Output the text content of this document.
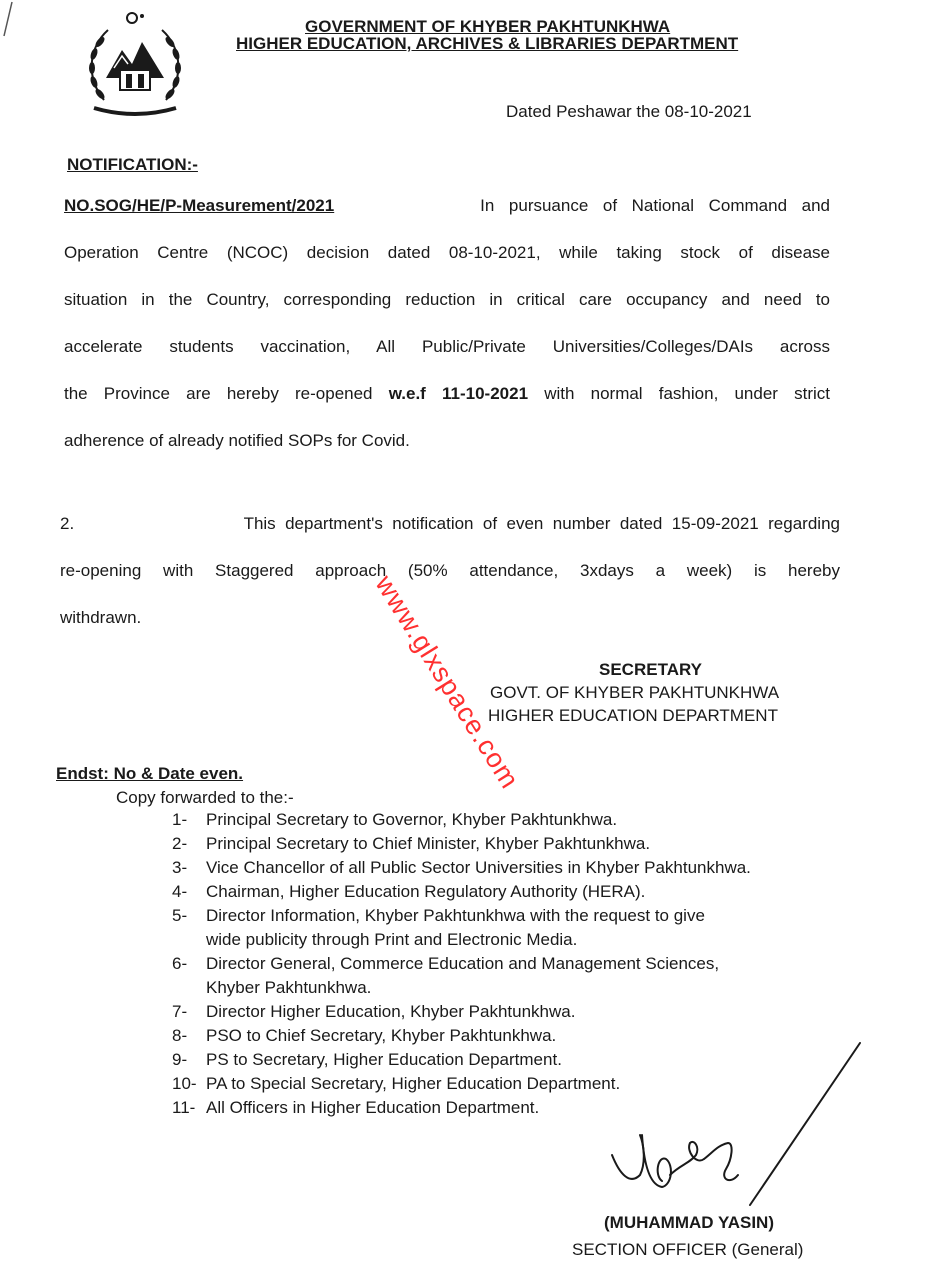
GOVERNMENT OF KHYBER PAKHTUNKHWA
HIGHER EDUCATION, ARCHIVES & LIBRARIES DEPARTMENT
Dated Peshawar the 08-10-2021
NOTIFICATION:-
NO.SOG/HE/P-Measurement/2021	In pursuance of National Command and
Operation Centre (NCOC) decision dated 08-10-2021, while taking stock of disease
situation in the Country, corresponding reduction in critical care occupancy and need to
accelerate students vaccination, All Public/Private Universities/Colleges/DAIs across
the Province are hereby re-opened w.e.f 11-10-2021 with normal fashion, under strict
adherence of already notified SOPs for Covid.
2.	This department's notification of even number dated 15-09-2021 regarding
re-opening with Staggered approach (50% attendance, 3xdays a week) is hereby
withdrawn.
SECRETARY
GOVT. OF KHYBER PAKHTUNKHWA
HIGHER EDUCATION DEPARTMENT
Endst: No & Date even.
Copy forwarded to the:-
1-	Principal Secretary to Governor, Khyber Pakhtunkhwa.
2-	Principal Secretary to Chief Minister, Khyber Pakhtunkhwa.
3-	Vice Chancellor of all Public Sector Universities in Khyber Pakhtunkhwa.
4-	Chairman, Higher Education Regulatory Authority (HERA).
5-	Director Information, Khyber Pakhtunkhwa with the request to give
wide publicity through Print and Electronic Media.
6-	Director General, Commerce Education and Management Sciences,
Khyber Pakhtunkhwa.
7-	Director Higher Education, Khyber Pakhtunkhwa.
8-	PSO to Chief Secretary, Khyber Pakhtunkhwa.
9-	PS to Secretary, Higher Education Department.
10- PA to Special Secretary, Higher Education Department.
11- All Officers in Higher Education Department.
(MUHAMMAD YASIN)
SECTION OFFICER (General)
www.glxspace.com
